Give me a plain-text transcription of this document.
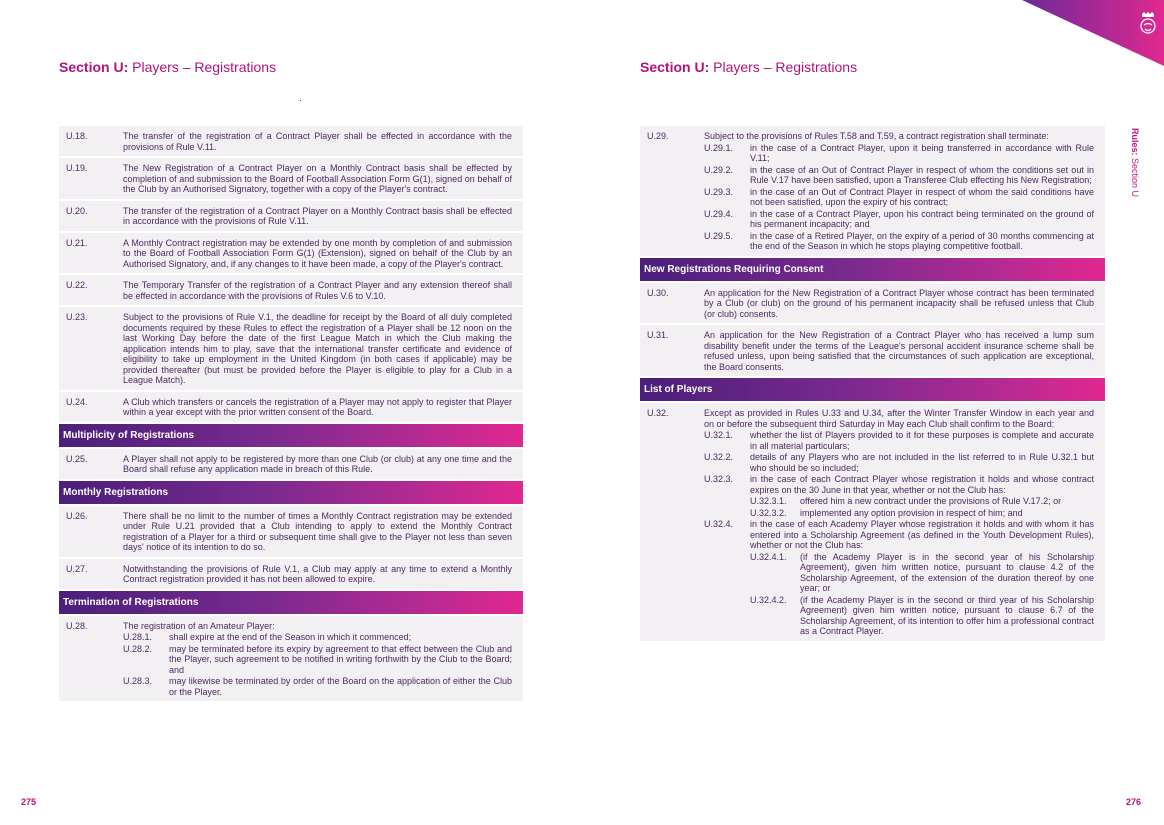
Section U: Players – Registrations	Section U: Players – Registrations
Rules: Section U
U.18.	The transfer of the registration of a Contract Player shall be effected in accordance with the provisions of Rule V.11.
U.19.	The New Registration of a Contract Player on a Monthly Contract basis shall be effected by completion of and submission to the Board of Football Association Form G(1), signed on behalf of the Club by an Authorised Signatory, together with a copy of the Player's contract.
U.20.	The transfer of the registration of a Contract Player on a Monthly Contract basis shall be effected in accordance with the provisions of Rule V.11.
U.21.	A Monthly Contract registration may be extended by one month by completion of and submission to the Board of Football Association Form G(1) (Extension), signed on behalf of the Club by an Authorised Signatory, and, if any changes to it have been made, a copy of the Player's contract.
U.22.	The Temporary Transfer of the registration of a Contract Player and any extension thereof shall be effected in accordance with the provisions of Rules V.6 to V.10.
U.23.	Subject to the provisions of Rule V.1, the deadline for receipt by the Board of all duly completed documents required by these Rules to effect the registration of a Player shall be 12 noon on the last Working Day before the date of the first League Match in which the Club making the application intends him to play, save that the international transfer certificate and evidence of eligibility to take up employment in the United Kingdom (in both cases if applicable) may be provided thereafter (but must be provided before the Player is eligible to play for a Club in a League Match).
U.24.	A Club which transfers or cancels the registration of a Player may not apply to register that Player within a year except with the prior written consent of the Board.
Multiplicity of Registrations
U.25.	A Player shall not apply to be registered by more than one Club (or club) at any one time and the Board shall refuse any application made in breach of this Rule.
Monthly Registrations
U.26.	There shall be no limit to the number of times a Monthly Contract registration may be extended under Rule U.21 provided that a Club intending to apply to extend the Monthly Contract registration of a Player for a third or subsequent time shall give to the Player not less than seven days' notice of its intention to do so.
U.27.	Notwithstanding the provisions of Rule V.1, a Club may apply at any time to extend a Monthly Contract registration provided it has not been allowed to expire.
Termination of Registrations
U.28.	The registration of an Amateur Player:
U.28.1.	shall expire at the end of the Season in which it commenced;
U.28.2.	may be terminated before its expiry by agreement to that effect between the Club and the Player, such agreement to be notified in writing forthwith by the Club to the Board; and
U.28.3.	may likewise be terminated by order of the Board on the application of either the Club or the Player.
U.29.	Subject to the provisions of Rules T.58 and T.59, a contract registration shall terminate:
U.29.1.	in the case of a Contract Player, upon it being transferred in accordance with Rule V.11;
U.29.2.	in the case of an Out of Contract Player in respect of whom the conditions set out in Rule V.17 have been satisfied, upon a Transferee Club effecting his New Registration;
U.29.3.	in the case of an Out of Contract Player in respect of whom the said conditions have not been satisfied, upon the expiry of his contract;
U.29.4.	in the case of a Contract Player, upon his contract being terminated on the ground of his permanent incapacity; and
U.29.5.	in the case of a Retired Player, on the expiry of a period of 30 months commencing at the end of the Season in which he stops playing competitive football.
New Registrations Requiring Consent
U.30.	An application for the New Registration of a Contract Player whose contract has been terminated by a Club (or club) on the ground of his permanent incapacity shall be refused unless that Club (or club) consents.
U.31.	An application for the New Registration of a Contract Player who has received a lump sum disability benefit under the terms of the League's personal accident insurance scheme shall be refused unless, upon being satisfied that the circumstances of such application are exceptional, the Board consents.
List of Players
U.32.	Except as provided in Rules U.33 and U.34, after the Winter Transfer Window in each year and on or before the subsequent third Saturday in May each Club shall confirm to the Board:
U.32.1.	whether the list of Players provided to it for these purposes is complete and accurate in all material particulars;
U.32.2.	details of any Players who are not included in the list referred to in Rule U.32.1 but who should be so included;
U.32.3.	in the case of each Contract Player whose registration it holds and whose contract expires on the 30 June in that year, whether or not the Club has:
U.32.3.1.	offered him a new contract under the provisions of Rule V.17.2; or
U.32.3.2.	implemented any option provision in respect of him; and
U.32.4.	in the case of each Academy Player whose registration it holds and with whom it has entered into a Scholarship Agreement (as defined in the Youth Development Rules), whether or not the Club has:
U.32.4.1.	(if the Academy Player is in the second year of his Scholarship Agreement), given him written notice, pursuant to clause 4.2 of the Scholarship Agreement, of the extension of the duration thereof by one year; or
U.32.4.2.	(if the Academy Player is in the second or third year of his Scholarship Agreement) given him written notice, pursuant to clause 6.7 of the Scholarship Agreement, of its intention to offer him a professional contract as a Contract Player.
275	276
